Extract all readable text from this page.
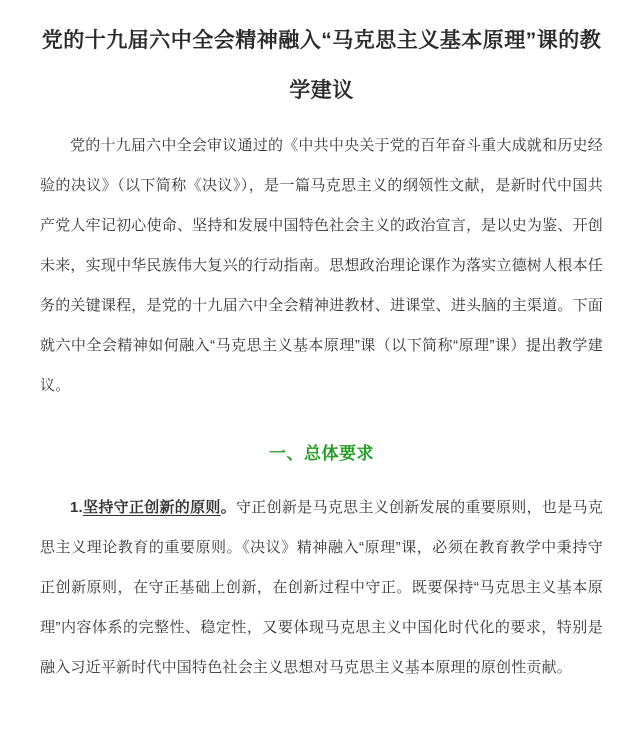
党的十九届六中全会精神融入“马克思主义基本原理”课的教学建议

党的十九届六中全会审议通过的《中共中央关于党的百年奋斗重大成就和历史经验的决议》（以下简称《决议》），是一篇马克思主义的纲领性文献，是新时代中国共产党人牢记初心使命、坚持和发展中国特色社会主义的政治宣言，是以史为鉴、开创未来，实现中华民族伟大复兴的行动指南。思想政治理论课作为落实立德树人根本任务的关键课程，是党的十九届六中全会精神进教材、进课堂、进头脑的主渠道。下面就六中全会精神如何融入“马克思主义基本原理”课（以下简称“原理”课）提出教学建议。

一、总体要求

1.坚持守正创新的原则。守正创新是马克思主义创新发展的重要原则，也是马克思主义理论教育的重要原则。《决议》精神融入“原理”课，必须在教育教学中秉持守正创新原则，在守正基础上创新，在创新过程中守正。既要保持“马克思主义基本原理”内容体系的完整性、稳定性，又要体现马克思主义中国化时代化的要求，特别是融入习近平新时代中国特色社会主义思想对马克思主义基本原理的原创性贡献。
